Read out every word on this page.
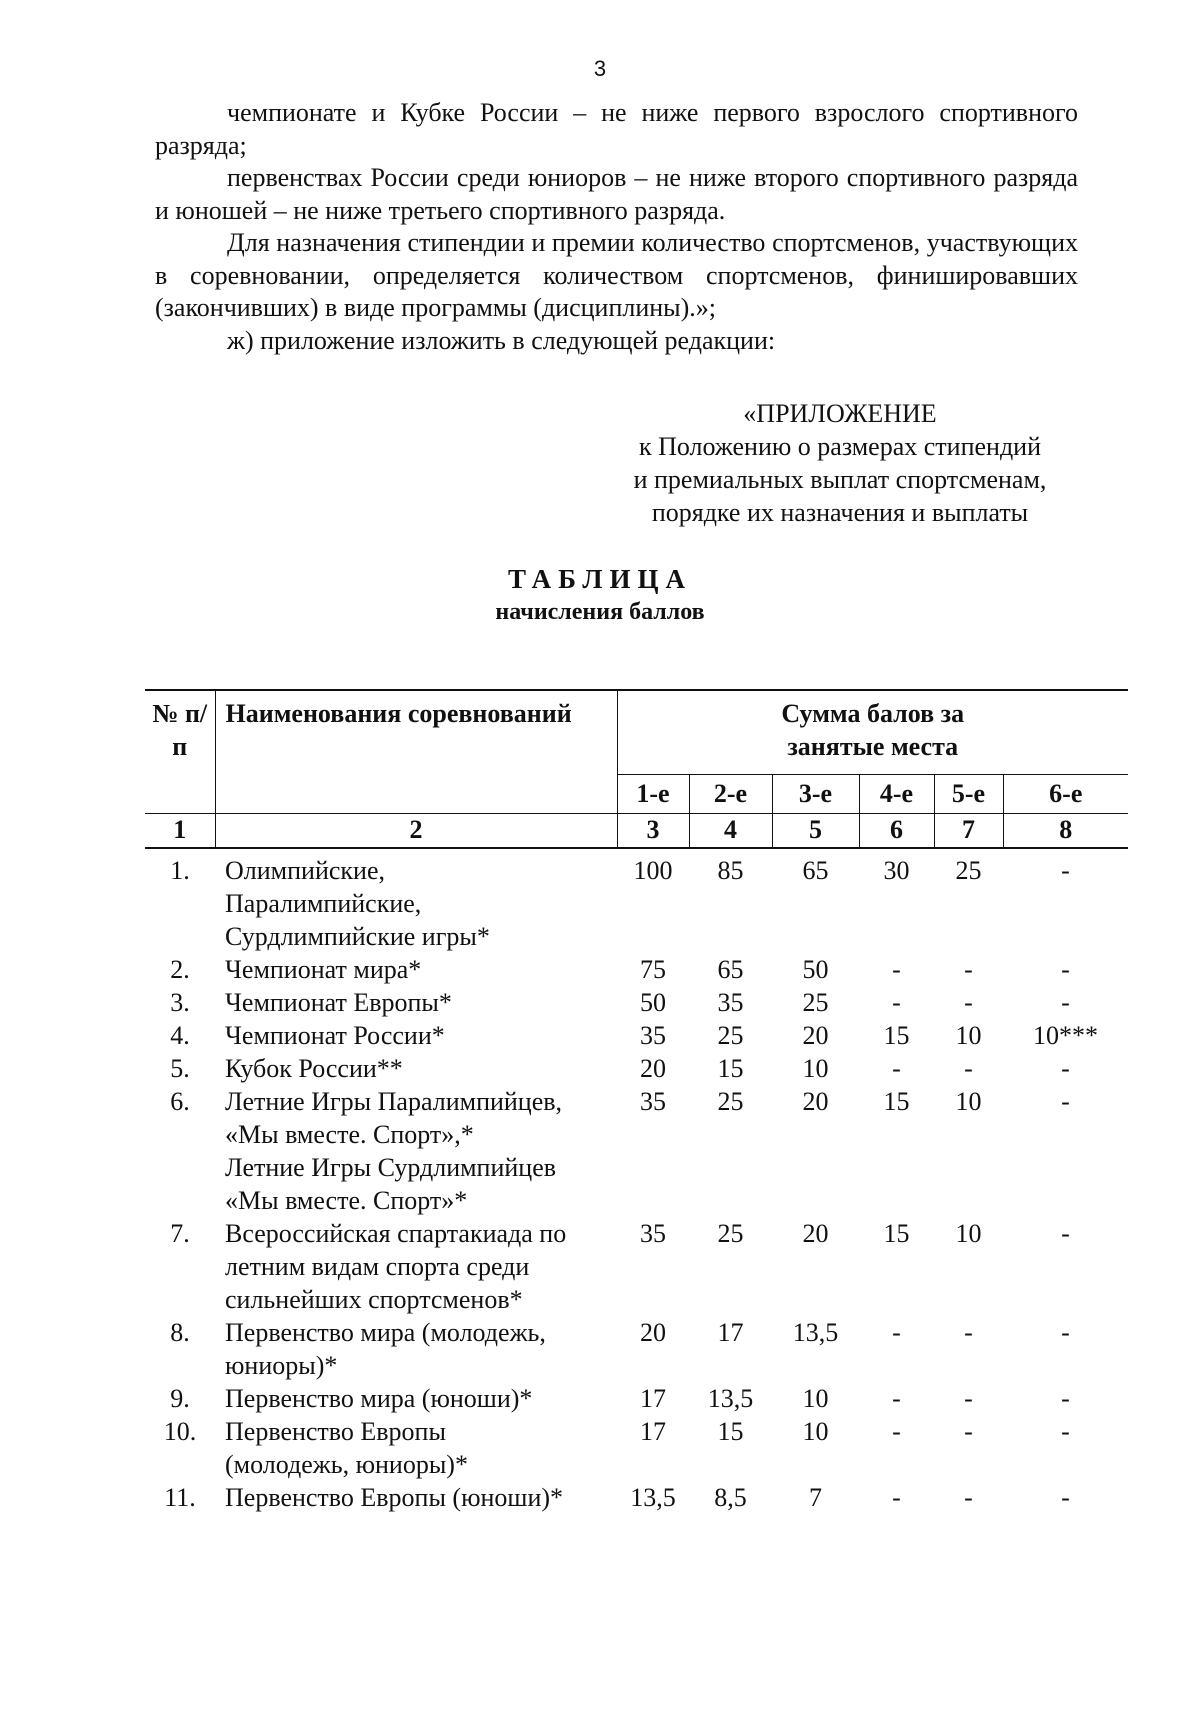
3

чемпионате и Кубке России – не ниже первого взрослого спортивного разряда;

первенствах России среди юниоров – не ниже второго спортивного разряда и юношей – не ниже третьего спортивного разряда.

Для назначения стипендии и премии количество спортсменов, участвующих в соревновании, определяется количеством спортсменов, финишировавших (закончивших) в виде программы (дисциплины).»;

ж) приложение изложить в следующей редакции:

«ПРИЛОЖЕНИЕ
к Положению о размерах стипендий
и премиальных выплат спортсменам,
порядке их назначения и выплаты
ТАБЛИЦА
начисления баллов
№ п/п	Наименования соревнований	Сумма балов за занятые места					
		1-е	2-е	3-е	4-е	5-е	6-е
1	2	3	4	5	6	7	8
1.	Олимпийские,
Паралимпийские,
Сурдлимпийские игры*	100	85	65	30	25	-
2.	Чемпионат мира*	75	65	50	-	-	-
3.	Чемпионат Европы*	50	35	25	-	-	-
4.	Чемпионат России*	35	25	20	15	10	10***
5.	Кубок России**	20	15	10	-	-	-
6.	Летние Игры Паралимпийцев,
«Мы вместе. Спорт»,*
Летние Игры Сурдлимпийцев
«Мы вместе. Спорт»*	35	25	20	15	10	-
7.	Всероссийская спартакиада по
летним видам спорта среди
сильнейших спортсменов*	35	25	20	15	10	-
8.	Первенство мира (молодежь,
юниоры)*	20	17	13,5	-	-	-
9.	Первенство мира (юноши)*	17	13,5	10	-	-	-
10.	Первенство Европы
(молодежь, юниоры)*	17	15	10	-	-	-
11.	Первенство Европы (юноши)*	13,5	8,5	7	-	-	-
